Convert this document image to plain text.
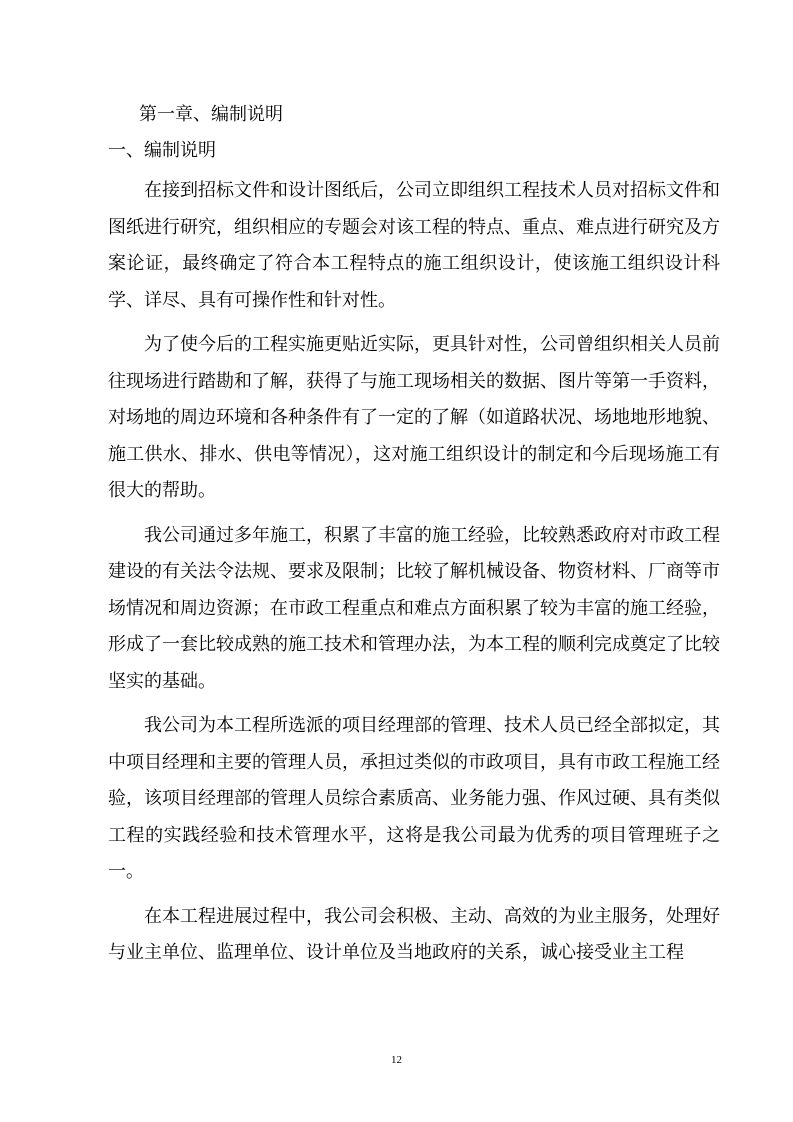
第一章、编制说明
一、编制说明

在接到招标文件和设计图纸后，公司立即组织工程技术人员对招标文件和图纸进行研究，组织相应的专题会对该工程的特点、重点、难点进行研究及方案论证，最终确定了符合本工程特点的施工组织设计，使该施工组织设计科学、详尽、具有可操作性和针对性。

为了使今后的工程实施更贴近实际，更具针对性，公司曾组织相关人员前往现场进行踏勘和了解，获得了与施工现场相关的数据、图片等第一手资料，对场地的周边环境和各种条件有了一定的了解（如道路状况、场地地形地貌、施工供水、排水、供电等情况），这对施工组织设计的制定和今后现场施工有很大的帮助。

我公司通过多年施工，积累了丰富的施工经验，比较熟悉政府对市政工程建设的有关法令法规、要求及限制；比较了解机械设备、物资材料、厂商等市场情况和周边资源；在市政工程重点和难点方面积累了较为丰富的施工经验，形成了一套比较成熟的施工技术和管理办法，为本工程的顺利完成奠定了比较坚实的基础。

我公司为本工程所选派的项目经理部的管理、技术人员已经全部拟定，其中项目经理和主要的管理人员，承担过类似的市政项目，具有市政工程施工经验，该项目经理部的管理人员综合素质高、业务能力强、作风过硬、具有类似工程的实践经验和技术管理水平，这将是我公司最为优秀的项目管理班子之一。

在本工程进展过程中，我公司会积极、主动、高效的为业主服务，处理好与业主单位、监理单位、设计单位及当地政府的关系，诚心接受业主工程

12
